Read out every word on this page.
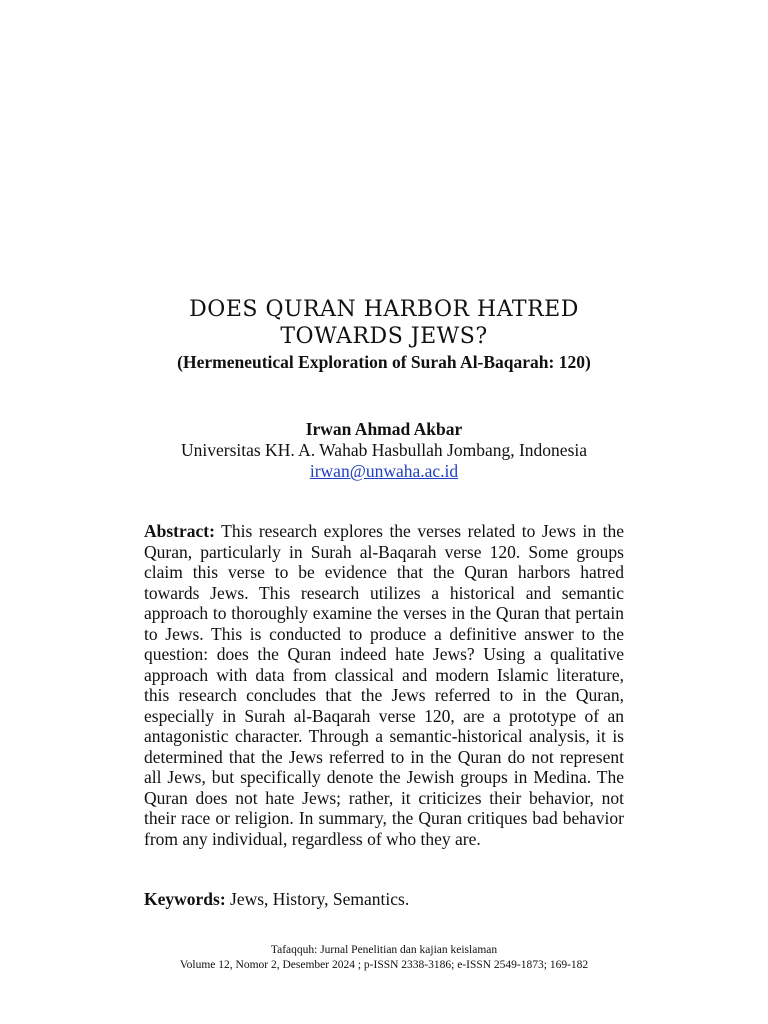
DOES QURAN HARBOR HATRED
TOWARDS JEWS?

(Hermeneutical Exploration of Surah Al-Baqarah: 120)

Irwan Ahmad Akbar

Universitas KH. A. Wahab Hasbullah Jombang, Indonesia

irwan@unwaha.ac.id

Abstract: This research explores the verses related to Jews in the Quran, particularly in Surah al-Baqarah verse 120. Some groups claim this verse to be evidence that the Quran harbors hatred towards Jews. This research utilizes a historical and semantic approach to thoroughly examine the verses in the Quran that pertain to Jews. This is conducted to produce a definitive answer to the question: does the Quran indeed hate Jews? Using a qualitative approach with data from classical and modern Islamic literature, this research concludes that the Jews referred to in the Quran, especially in Surah al-Baqarah verse 120, are a prototype of an antagonistic character. Through a semantic-historical analysis, it is determined that the Jews referred to in the Quran do not represent all Jews, but specifically denote the Jewish groups in Medina. The Quran does not hate Jews; rather, it criticizes their behavior, not their race or religion. In summary, the Quran critiques bad behavior from any individual, regardless of who they are.

Keywords: Jews, History, Semantics.

Tafaqquh: Jurnal Penelitian dan kajian keislaman

Volume 12, Nomor 2, Desember 2024 ; p-ISSN 2338-3186; e-ISSN 2549-1873; 169-182
